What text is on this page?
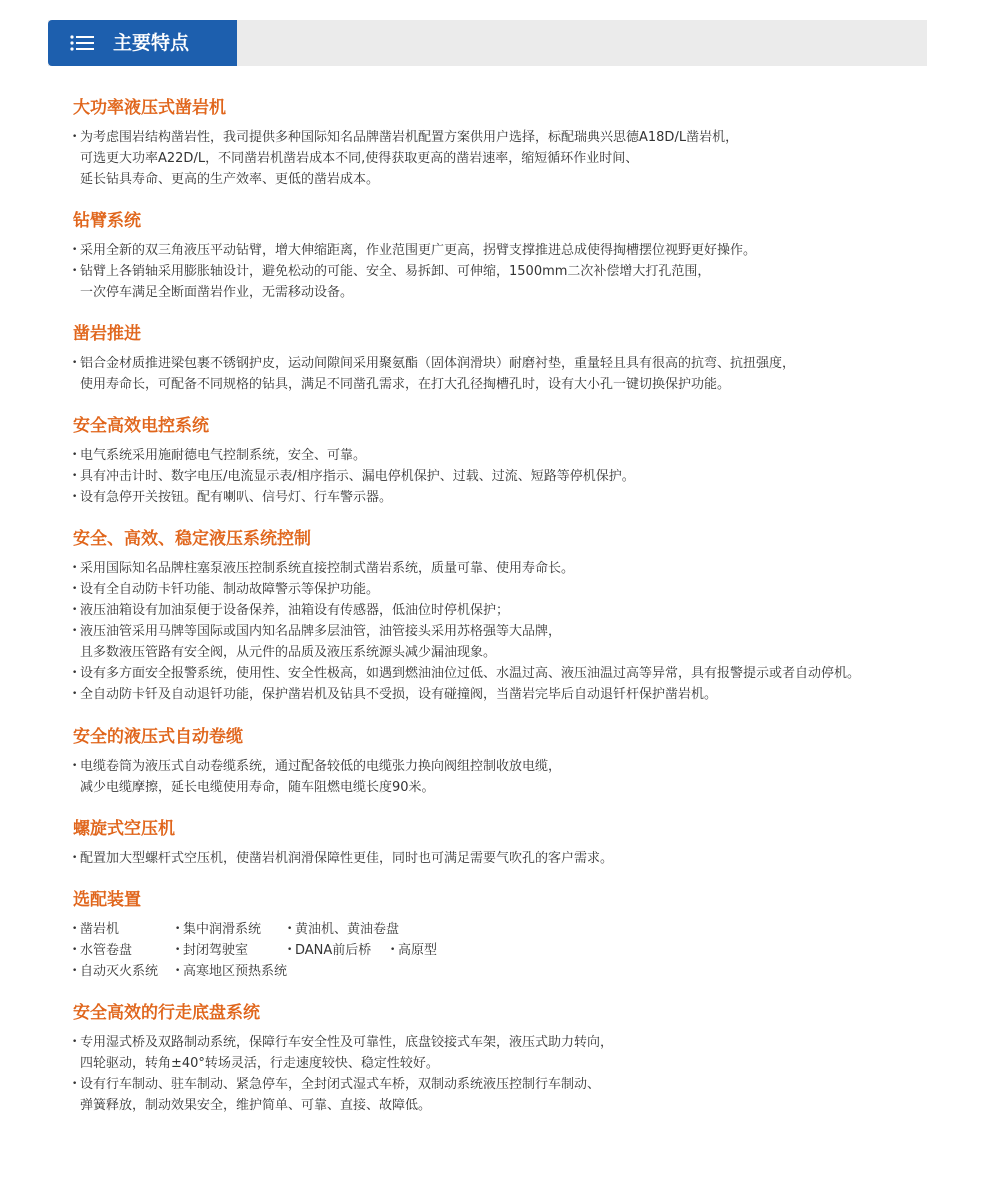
主要特点
大功率液压式凿岩机
• 为考虑围岩结构凿岩性，我司提供多种国际知名品牌凿岩机配置方案供用户选择，标配瑞典兴思德A18D/L凿岩机，
可选更大功率A22D/L，不同凿岩机凿岩成本不同,使得获取更高的凿岩速率，缩短循环作业时间、
延长钻具寿命、更高的生产效率、更低的凿岩成本。
钻臂系统
• 采用全新的双三角液压平动钻臂，增大伸缩距离，作业范围更广更高，拐臂支撑推进总成使得掏槽摆位视野更好操作。
• 钻臂上各销轴采用膨胀轴设计，避免松动的可能、安全、易拆卸、可伸缩，1500mm二次补偿增大打孔范围，
一次停车满足全断面凿岩作业，无需移动设备。
凿岩推进
• 铝合金材质推进梁包裹不锈钢护皮，运动间隙间采用聚氨酯（固体润滑块）耐磨衬垫，重量轻且具有很高的抗弯、抗扭强度，
使用寿命长，可配备不同规格的钻具，满足不同凿孔需求，在打大孔径掏槽孔时，设有大小孔一键切换保护功能。
安全高效电控系统
• 电气系统采用施耐德电气控制系统，安全、可靠。
• 具有冲击计时、数字电压/电流显示表/相序指示、漏电停机保护、过载、过流、短路等停机保护。
• 设有急停开关按钮。配有喇叭、信号灯、行车警示器。
安全、高效、稳定液压系统控制
• 采用国际知名品牌柱塞泵液压控制系统直接控制式凿岩系统，质量可靠、使用寿命长。
• 设有全自动防卡钎功能、制动故障警示等保护功能。
• 液压油箱设有加油泵便于设备保养，油箱设有传感器，低油位时停机保护；
• 液压油管采用马牌等国际或国内知名品牌多层油管，油管接头采用苏格强等大品牌，
且多数液压管路有安全阀，从元件的品质及液压系统源头减少漏油现象。
• 设有多方面安全报警系统，使用性、安全性极高，如遇到燃油油位过低、水温过高、液压油温过高等异常，具有报警提示或者自动停机。
• 全自动防卡钎及自动退钎功能，保护凿岩机及钻具不受损，设有碰撞阀，当凿岩完毕后自动退钎杆保护凿岩机。
安全的液压式自动卷缆
• 电缆卷筒为液压式自动卷缆系统，通过配备较低的电缆张力换向阀组控制收放电缆，
减少电缆摩擦，延长电缆使用寿命，随车阻燃电缆长度90米。
螺旋式空压机
• 配置加大型螺杆式空压机，使凿岩机润滑保障性更佳，同时也可满足需要气吹孔的客户需求。
选配装置
• 凿岩机	• 集中润滑系统	• 黄油机、黄油卷盘
• 水管卷盘	• 封闭驾驶室	• DANA前后桥	• 高原型
• 自动灭火系统	• 高寒地区预热系统
安全高效的行走底盘系统
• 专用湿式桥及双路制动系统，保障行车安全性及可靠性，底盘铰接式车架，液压式助力转向，
四轮驱动，转角±40°转场灵活，行走速度较快、稳定性较好。
• 设有行车制动、驻车制动、紧急停车，全封闭式湿式车桥，双制动系统液压控制行车制动、
弹簧释放，制动效果安全，维护简单、可靠、直接、故障低。
